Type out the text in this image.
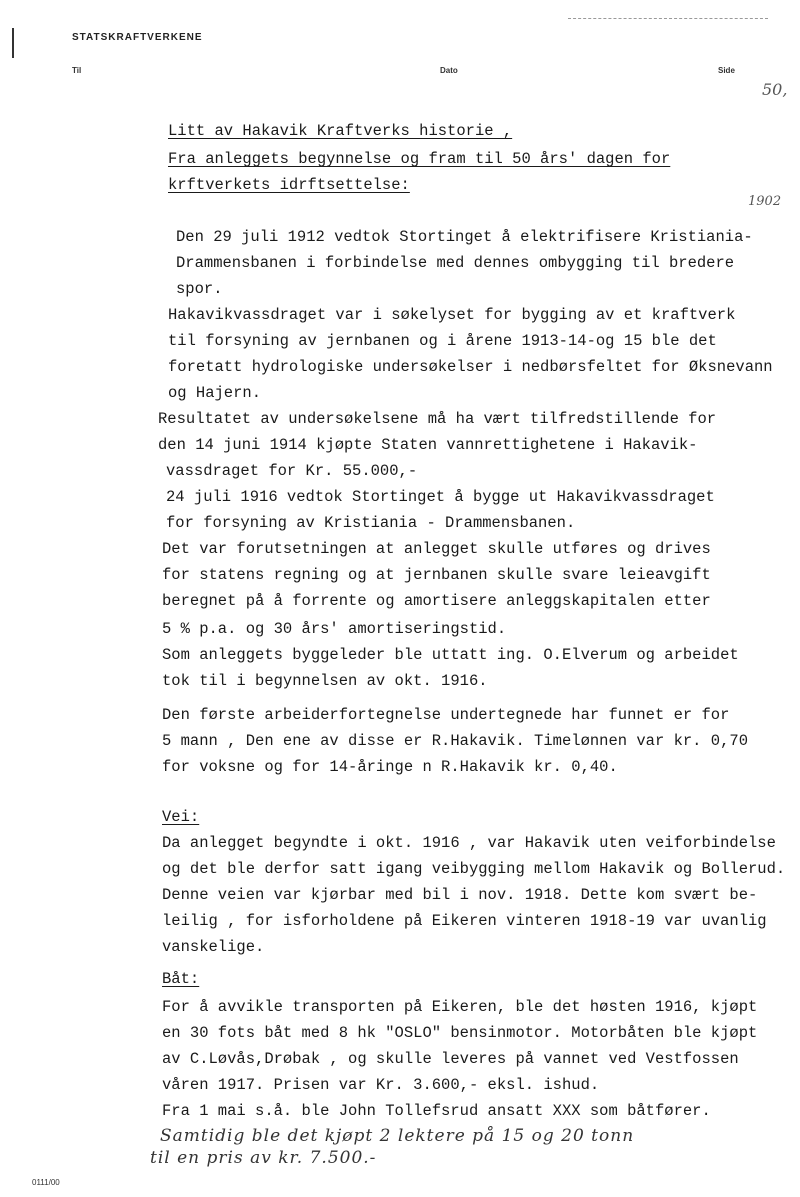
STATSKRAFTVERKENE
Til	Dato	Side
50,
1902
Litt av Hakavik Kraftverks historie ,
Fra anleggets begynnelse og fram til 50 års' dagen for
krftverkets idrftsettelse:
Den 29 juli 1912 vedtok Stortinget å elektrifisere Kristiania-
Drammensbanen i forbindelse med dennes ombygging til bredere
spor.
Hakavikvassdraget var i søkelyset for bygging av et kraftverk
til forsyning av jernbanen og i årene 1913-14-og 15 ble det
foretatt hydrologiske undersøkelser i nedbørsfeltet for Øksnevann
og Hajern.
Resultatet av undersøkelsene må ha vært tilfredstillende for
den 14 juni 1914 kjøpte Staten vannrettighetene i Hakavik-
vassdraget for Kr. 55.000,-
24 juli 1916 vedtok Stortinget å bygge ut Hakavikvassdraget
for forsyning av Kristiania - Drammensbanen.
Det var forutsetningen at anlegget skulle utføres og drives
for statens regning og at jernbanen skulle svare leieavgift
beregnet på å forrente og amortisere anleggskapitalen etter
5 % p.a. og 30 års' amortiseringstid.
Som anleggets byggeleder ble uttatt ing. O.Elverum og arbeidet
tok til i begynnelsen av okt. 1916.
Den første arbeiderfortegnelse undertegnede har funnet er for
5 mann , Den ene av disse er R.Hakavik. Timelønnen var kr. 0,70
for voksne og for 14-åringe n R.Hakavik kr. 0,40.
Vei:
Da anlegget begyndte i okt. 1916 , var Hakavik uten veiforbindelse
og det ble derfor satt igang veibygging mellom Hakavik og Bollerud.
Denne veien var kjørbar med bil i nov. 1918. Dette kom svært be-
leilig , for isforholdene på Eikeren vinteren 1918-19 var uvanlig
vanskelige.
Båt:
For å avvikle transporten på Eikeren, ble det høsten 1916, kjøpt
en 30 fots båt med 8 hk "OSLO" bensinmotor. Motorbåten ble kjøpt
av C.Løvås,Drøbak , og skulle leveres på vannet ved Vestfossen
våren 1917. Prisen var Kr. 3.600,- eksl. ishud.
Fra 1 mai s.å. ble John Tollefsrud ansatt XXX som båtfører.
Samtidig ble det kjøpt 2 lektere på 15 og 20 tonn
til en pris av kr. 7.500.-
0111/00
